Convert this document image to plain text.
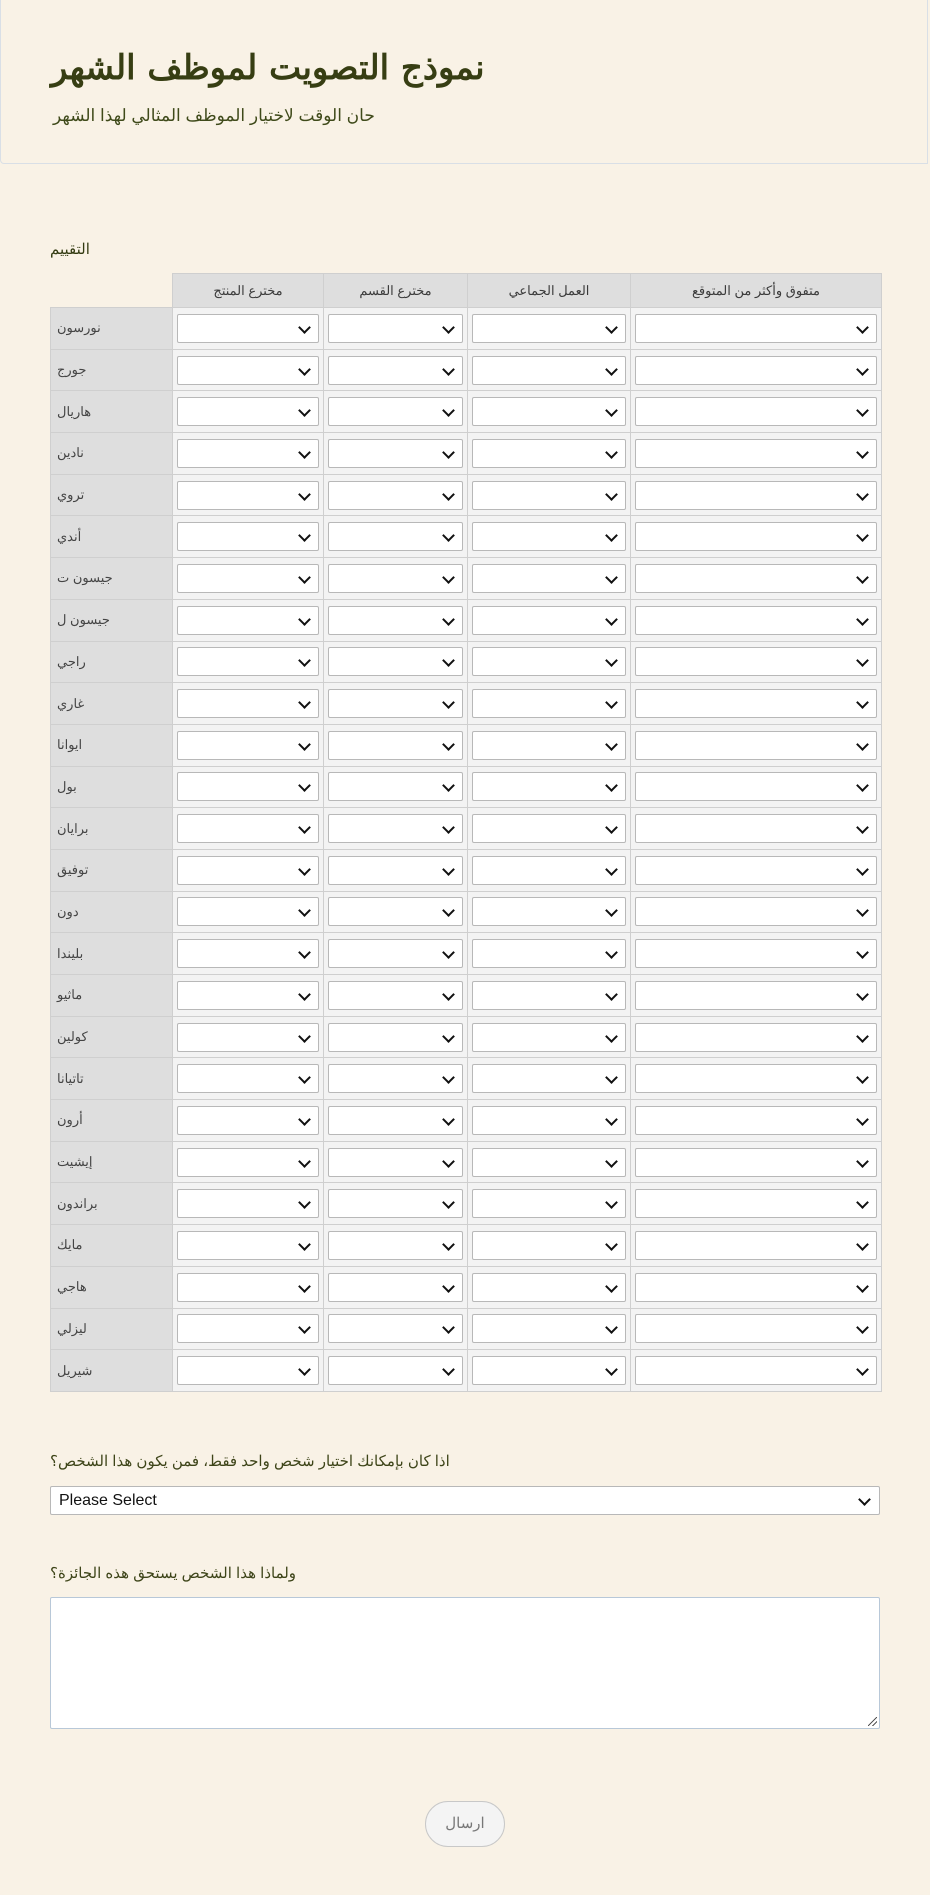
نموذج التصويت لموظف الشهر
حان الوقت لاختيار الموظف المثالي لهذا الشهر
التقييم
	مخترع المنتج	مخترع القسم	العمل الجماعي	متفوق وأكثر من المتوقع
نورسون	

جورج	

هاريال	

نادين	

تروي	

أندي	

جيسون ت	

جيسون ل	

راجي	

غاري	

ايوانا	

بول	

برايان	

توفيق	

دون	

بليندا	

ماثيو	

كولين	

تاتيانا	

أرون	

إيشيت	

براندون	

مايك	

هاجي	

ليزلي	

شيريل	

اذا كان بإمكانك اختيار شخص واحد فقط، فمن يكون هذا الشخص؟
Please Select
ولماذا هذا الشخص يستحق هذه الجائزة؟
ارسال
